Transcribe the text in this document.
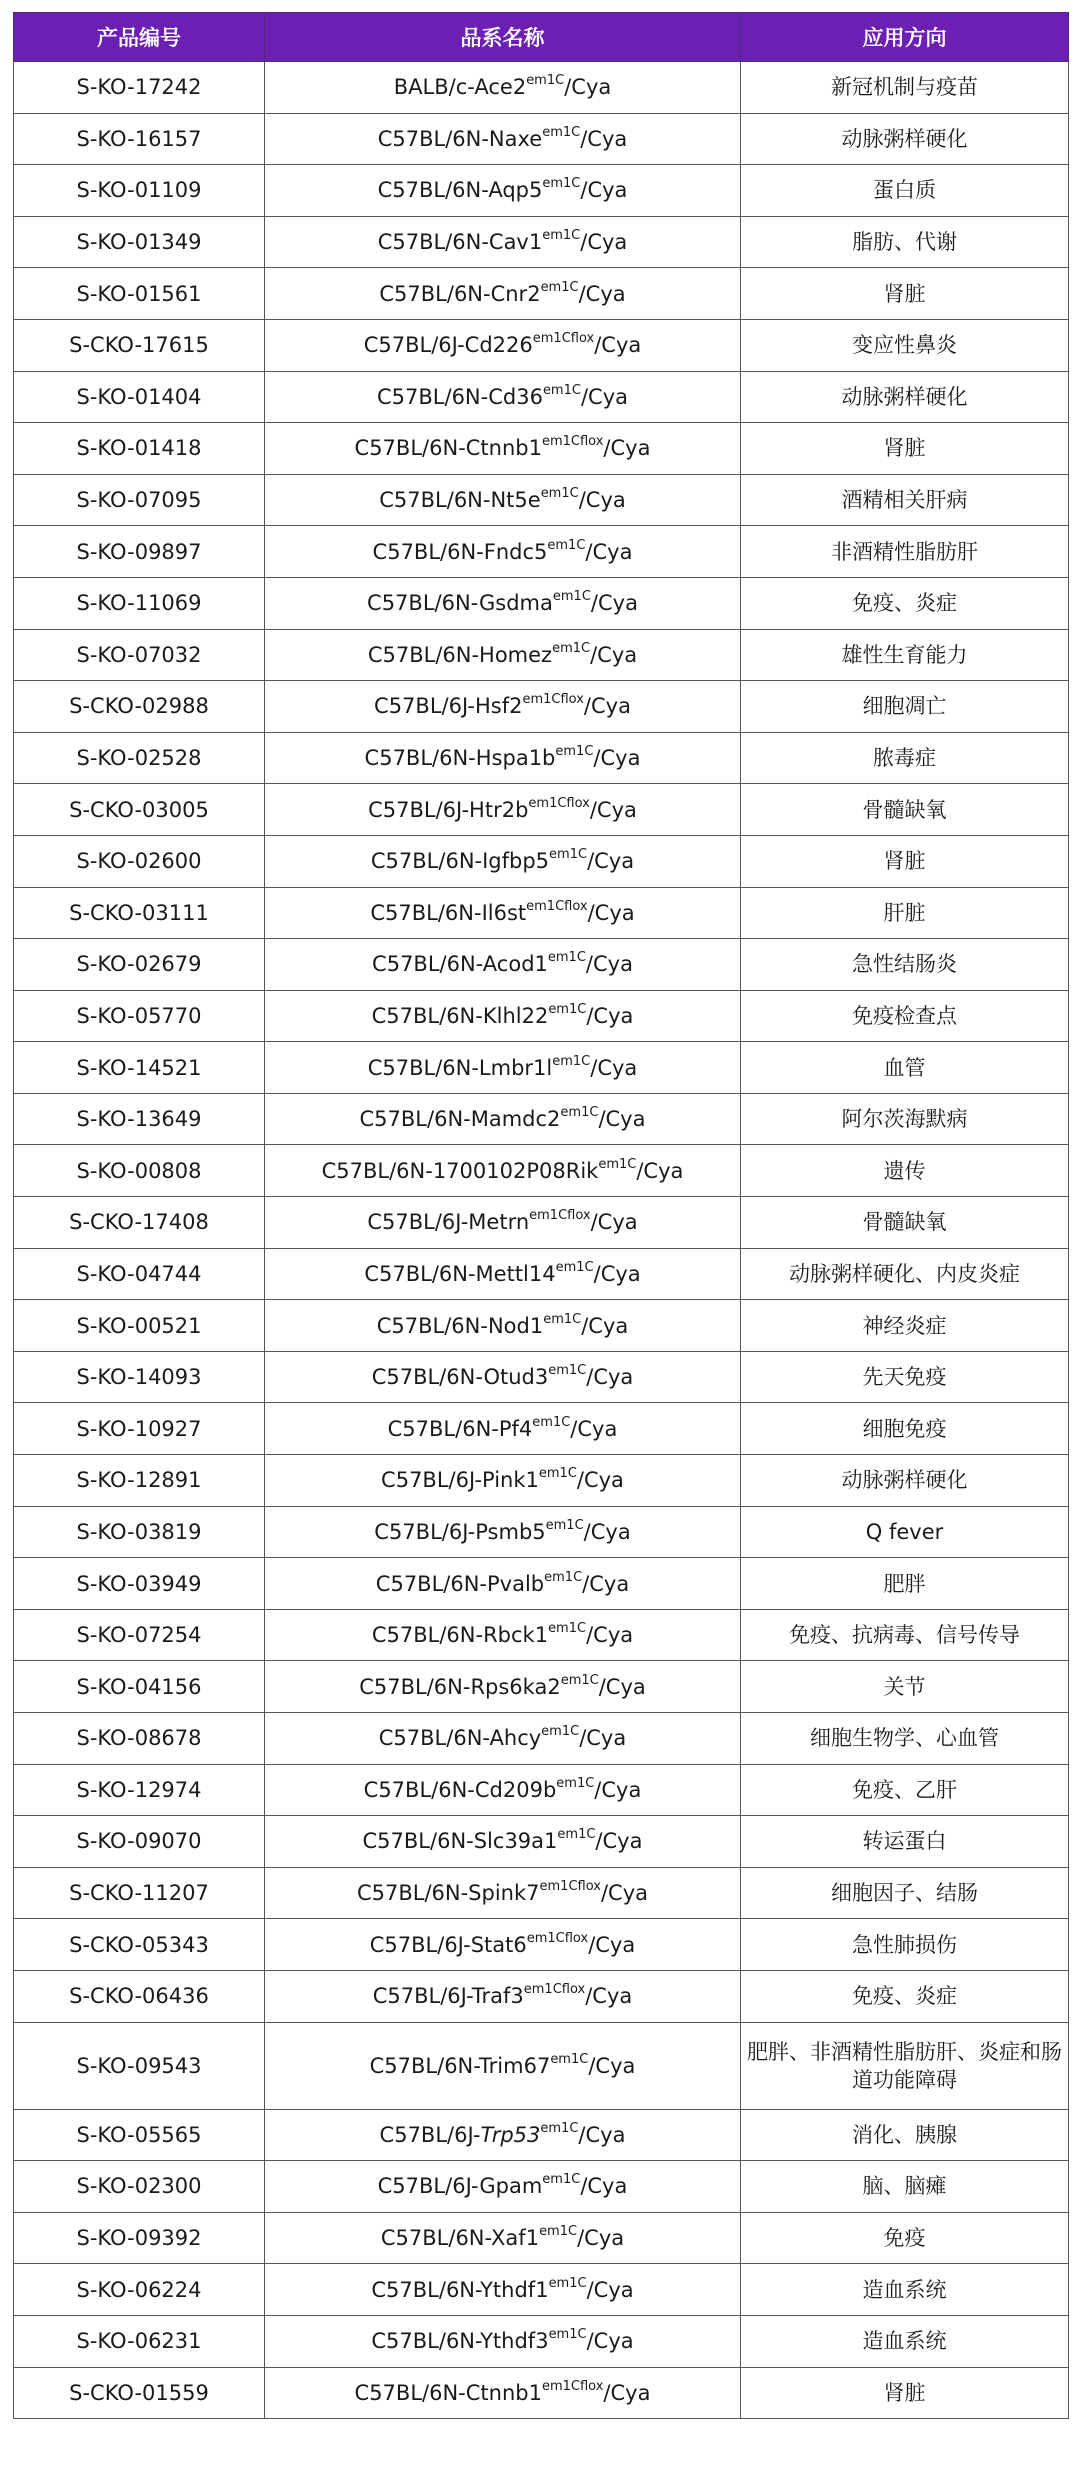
产品编号	品系名称	应用方向
S-KO-17242	BALB/$c-Ace2^{em1C}$/Cya	新冠机制与疫苗
S-KO-16157	C57BL/6N-Naxe$^{em1C}$/Cya	动脉粥样硬化
S-KO-01109	$C57BL/6N-Aqp5^{em1C}$/Cya	蛋白质
S-KO-01349	$C57BL/6N-Cav1^{em1C}$/Cya	脂肪、代谢
S-KO-01561	$C57BL/6N-Cnr2^{em1C}$/Cya	肾脏
S-CKO-17615	$C57BL/6J-Cd226^{em1Cflox}$/Cya	变应性鼻炎
S-KO-01404	$C57BL/6N-Cd36^{em1C}$/Cya	动脉粥样硬化
S-KO-01418	$C57BL/6N-Ctnnb1^{em1Cflox}$/Cya	肾脏
S-KO-07095	$C57BL/6N-Nt5e^{em1C}$/Cya	酒精相关肝病
S-KO-09897	$C57BL/6N-Fndc5^{em1C}$/Cya	非酒精性脂肪肝
S-KO-11069	C57BL/6N-Gsdma$^{em1C}$/Cya	免疫、炎症
S-KO-07032	C57BL/6N-Homez$^{em1C}$/Cya	雄性生育能力
S-CKO-02988	$C57BL/6J-Hsf2^{em1Cflox}$/Cya	细胞凋亡
S-KO-02528	$C57BL/6N-Hspa1b^{em1C}$/Cya	脓毒症
S-CKO-03005	$C57BL/6J-Htr2b^{em1Cflox}$/Cya	骨髓缺氧
S-KO-02600	$C57BL/6N-Igfbp5^{em1C}$/Cya	肾脏
S-CKO-03111	$C57BL/6N-Il6st^{em1Cflox}$/Cya	肝脏
S-KO-02679	$C57BL/6N-Acod1^{em1C}$/Cya	急性结肠炎
S-KO-05770	$C57BL/6N-Klhl22^{em1C}$/Cya	免疫检查点
S-KO-14521	$C57BL/6N-Lmbr1l^{em1C}$/Cya	血管
S-KO-13649	$C57BL/6N-Mamdc2^{em1C}$/Cya	阿尔茨海默病
S-KO-00808	C57BL/6N-1700102P08Rik$^{em1C}$/Cya	遗传
S-CKO-17408	C57BL/6J-Metrn$^{em1Cflox}$/Cya	骨髓缺氧
S-KO-04744	$C57BL/6N-Mettl14^{em1C}$/Cya	动脉粥样硬化、内皮炎症
S-KO-00521	$C57BL/6N-Nod1^{em1C}$/Cya	神经炎症
S-KO-14093	$C57BL/6N-Otud3^{em1C}$/Cya	先天免疫
S-KO-10927	$C57BL/6N-Pf4^{em1C}$/Cya	细胞免疫
S-KO-12891	$C57BL/6J-Pink1^{em1C}$/Cya	动脉粥样硬化
S-KO-03819	$C57BL/6J-Psmb5^{em1C}$/Cya	Q fever
S-KO-03949	C57BL/6N-Pvalb$^{em1C}$/Cya	肥胖
S-KO-07254	$C57BL/6N-Rbck1^{em1C}$/Cya	免疫、抗病毒、信号传导
S-KO-04156	$C57BL/6N-Rps6ka2^{em1C}$/Cya	关节
S-KO-08678	C57BL/6N-Ahcy$^{em1C}$/Cya	细胞生物学、心血管
S-KO-12974	$C57BL/6N-Cd209b^{em1C}$/Cya	免疫、乙肝
S-KO-09070	$C57BL/6N-Slc39a1^{em1C}$/Cya	转运蛋白
S-CKO-11207	$C57BL/6N-Spink7^{em1Cflox}$/Cya	细胞因子、结肠
S-CKO-05343	$C57BL/6J-Stat6^{em1Cflox}$/Cya	急性肺损伤
S-CKO-06436	$C57BL/6J-Traf3^{em1Cflox}$/Cya	免疫、炎症
S-KO-09543	$C57BL/6N-Trim67^{em1C}$/Cya	肥胖、非酒精性脂肪肝、炎症和肠
道功能障碍

S-KO-05565	$C57BL/6J-Trp53^{em1C}$/Cya	消化、胰腺
S-KO-02300	C57BL/6J-Gpam$^{em1C}$/Cya	脑、脑瘫
S-KO-09392	$C57BL/6N-Xaf1^{em1C}$/Cya	免疫
S-KO-06224	$C57BL/6N-Ythdf1^{em1C}$/Cya	造血系统
S-KO-06231	$C57BL/6N-Ythdf3^{em1C}$/Cya	造血系统
S-CKO-01559	$C57BL/6N-Ctnnb1^{em1Cflox}$/Cya	肾脏
